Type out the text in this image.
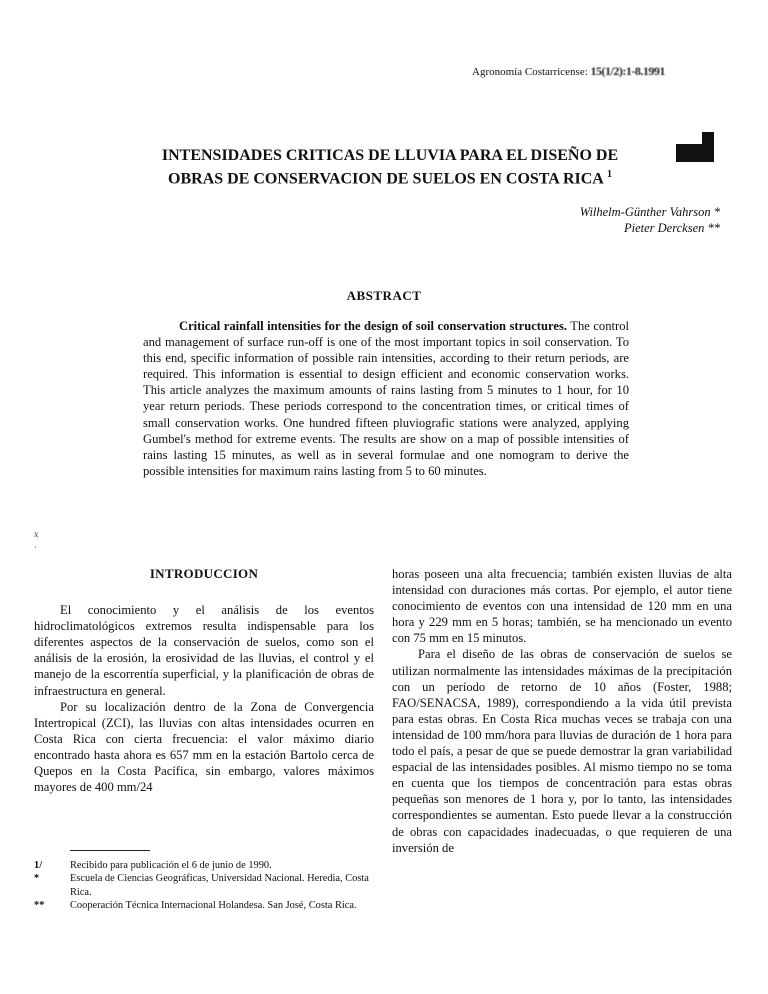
Agronomía Costarricense: 15(1/2):1-8.1991
INTENSIDADES CRITICAS DE LLUVIA PARA EL DISEÑO DE
OBRAS DE CONSERVACION DE SUELOS EN COSTA RICA $^1$
Wilhelm-Günther Vahrson *
Pieter Dercksen **
ABSTRACT
Critical rainfall intensities for the design of soil conservation structures. The control and management of surface run-off is one of the most important topics in soil conservation. To this end, specific information of possible rain intensities, according to their return periods, are required. This information is essential to design efficient and economic conservation works. This article analyzes the maximum amounts of rains lasting from 5 minutes to 1 hour, for 10 year return periods. These periods correspond to the concentration times, or critical times of small conservation works. One hundred fifteen pluviografic stations were analyzed, applying Gumbel's method for extreme events. The results are show on a map of possible intensities of rains lasting 15 minutes, as well as in several formulae and one nomogram to derive the possible intensities for maximum rains lasting from 5 to 60 minutes.
x
·
INTRODUCCION

El conocimiento y el análisis de los eventos hidroclimatológicos extremos resulta indispensable para los diferentes aspectos de la conservación de suelos, como son el análisis de la erosión, la erosividad de las lluvias, el control y el manejo de la escorrentía superficial, y la planificación de obras de infraestructura en general.

Por su localización dentro de la Zona de Convergencia Intertropical (ZCI), las lluvias con altas intensidades ocurren en Costa Rica con cierta frecuencia: el valor máximo diario encontrado hasta ahora es 657 mm en la estación Bartolo cerca de Quepos en la Costa Pacífica, sin embargo, valores máximos mayores de 400 mm/24

horas poseen una alta frecuencia; también existen lluvias de alta intensidad con duraciones más cortas. Por ejemplo, el autor tiene conocimiento de eventos con una intensidad de 120 mm en una hora y 229 mm en 5 horas; también, se ha mencionado un evento con 75 mm en 15 minutos.

Para el diseño de las obras de conservación de suelos se utilizan normalmente las intensidades máximas de la precipitación con un período de retorno de 10 años (Foster, 1988; FAO/SENACSA, 1989), correspondiendo a la vida útil prevista para estas obras. En Costa Rica muchas veces se trabaja con una intensidad de 100 mm/hora para lluvias de duración de 1 hora para todo el país, a pesar de que se puede demostrar la gran variabilidad espacial de las intensidades posibles. Al mismo tiempo no se toma en cuenta que los tiempos de concentración para estas obras pequeñas son menores de 1 hora y, por lo tanto, las intensidades correspondientes se aumentan. Esto puede llevar a la construcción de obras con capacidades inadecuadas, o que requieren de una inversión de

1/	Recibido para publicación el 6 de junio de 1990.
*	Escuela de Ciencias Geográficas, Universidad Nacional. Heredia, Costa Rica.
**	Cooperación Técnica Internacional Holandesa. San José, Costa Rica.
